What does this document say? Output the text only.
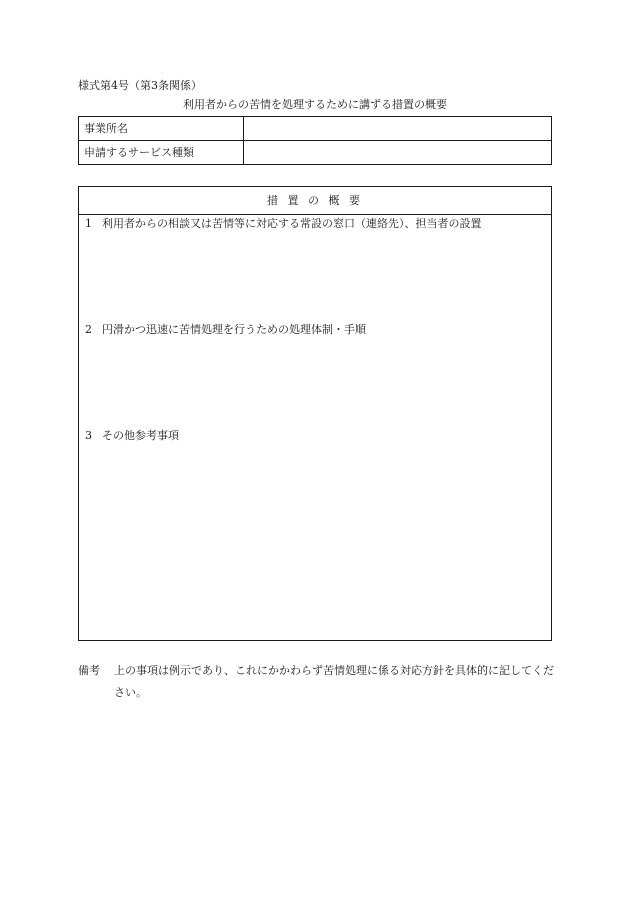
様式第4号（第3条関係）
利用者からの苦情を処理するために講ずる措置の概要
事業所名	
申請するサービス種類	
措 置 の 概 要
1 利用者からの相談又は苦情等に対応する常設の窓口（連絡先）、担当者の設置
2 円滑かつ迅速に苦情処理を行うための処理体制・手順
3 その他参考事項
備考 上の事項は例示であり、これにかかわらず苦情処理に係る対応方針を具体的に記してください。
